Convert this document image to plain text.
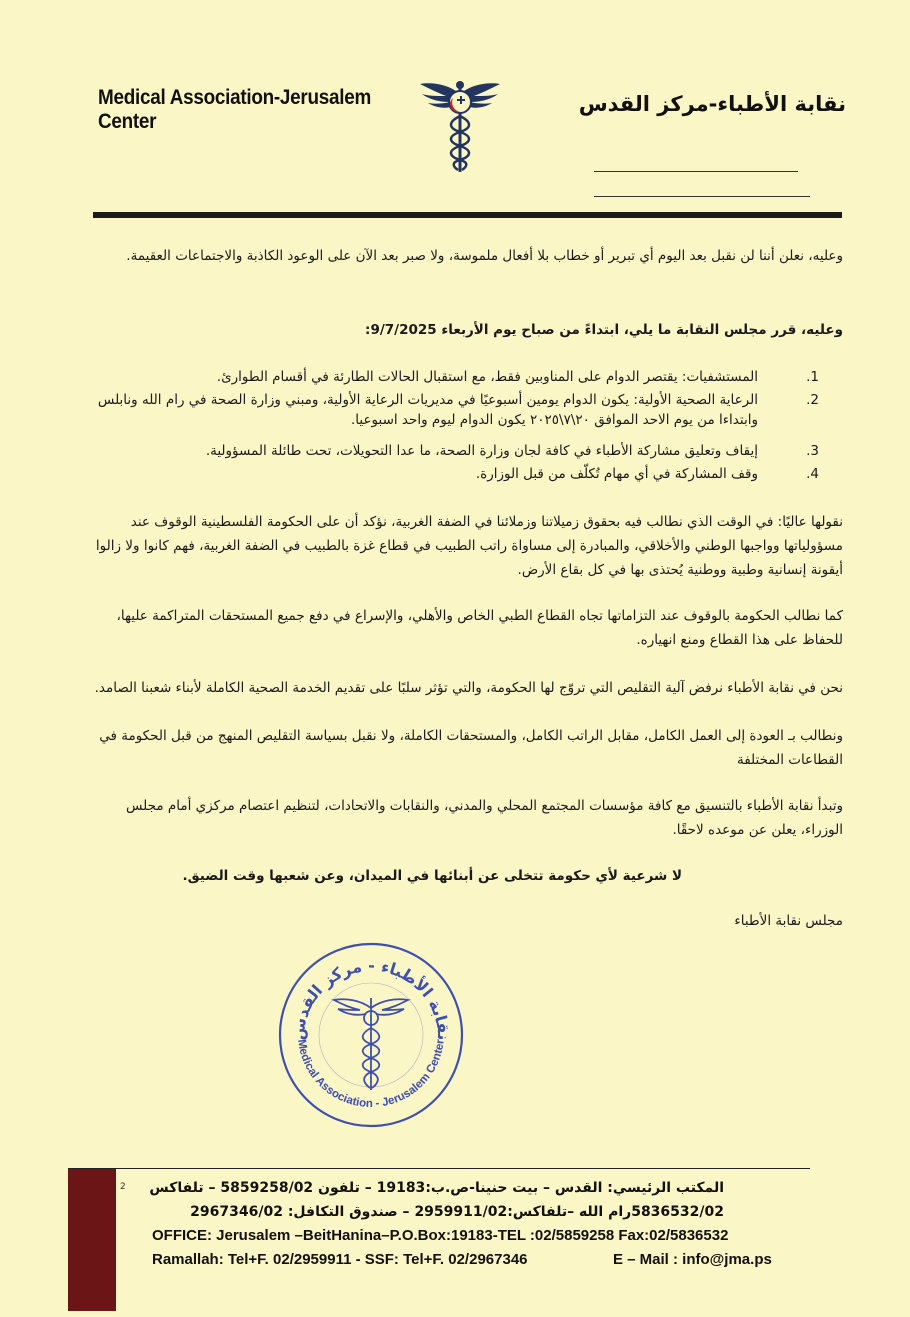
Medical Association-Jerusalem
Center
نقابة الأطباء-مركز القدس
وعليه، نعلن أننا لن نقبل بعد اليوم أي تبرير أو خطاب بلا أفعال ملموسة، ولا صبر بعد الآن على الوعود الكاذبة والاجتماعات العقيمة.
وعليه، قرر مجلس النقابة ما يلي، ابتداءً من صباح يوم الأربعاء 9/7/2025:
.1
المستشفيات: يقتصر الدوام على المناوبين فقط، مع استقبال الحالات الطارئة في أقسام الطوارئ.
.2
الرعاية الصحية الأولية: يكون الدوام يومين أسبوعيًا في مديريات الرعاية الأولية، ومبني وزارة الصحة في رام الله ونابلس وابتداءا من يوم الاحد الموافق ٢٠\٧\٢٠٢٥ يكون الدوام ليوم واحد اسبوعيا.
.3
إيقاف وتعليق مشاركة الأطباء في كافة لجان وزارة الصحة، ما عدا التحويلات، تحت طائلة المسؤولية.
.4
وقف المشاركة في أي مهام تُكلّف من قبل الوزارة.
نقولها عاليًا: في الوقت الذي نطالب فيه بحقوق زميلاتنا وزملائنا في الضفة الغربية، نؤكد أن على الحكومة الفلسطينية الوقوف عند مسؤولياتها وواجبها الوطني والأخلاقي، والمبادرة إلى مساواة راتب الطبيب في قطاع غزة بالطبيب في الضفة الغربية، فهم كانوا ولا زالوا أيقونة إنسانية وطبية ووطنية يُحتذى بها في كل بقاع الأرض.
كما نطالب الحكومة بالوقوف عند التزاماتها تجاه القطاع الطبي الخاص والأهلي، والإسراع في دفع جميع المستحقات المتراكمة عليها، للحفاظ على هذا القطاع ومنع انهياره.
نحن في نقابة الأطباء نرفض آلية التقليص التي تروّج لها الحكومة، والتي تؤثر سلبًا على تقديم الخدمة الصحية الكاملة لأبناء شعبنا الصامد.
ونطالب بـ العودة إلى العمل الكامل، مقابل الراتب الكامل، والمستحقات الكاملة، ولا نقبل بسياسة التقليص المنهج من قبل الحكومة في القطاعات المختلفة
وتبدأ نقابة الأطباء بالتنسيق مع كافة مؤسسات المجتمع المحلي والمدني، والنقابات والاتحادات، لتنظيم اعتصام مركزي أمام مجلس الوزراء، يعلن عن موعده لاحقًا.
لا شرعية لأي حكومة تتخلى عن أبنائها في الميدان، وعن شعبها وقت الضيق.
مجلس نقابة الأطباء
نقابة الأطباء - مركز القدس
Medical Association - Jerusalem Center
2 المكتب الرئيسي: القدس – بيت حنينا-ص.ب:19183 – تلفون 5859258/02 – تلفاكس
5836532/02رام الله –تلفاكس:2959911/02 – صندوق التكافل: 2967346/02
OFFICE: Jerusalem –BeitHanina–P.O.Box:19183-TEL :02/5859258 Fax:02/5836532
Ramallah: Tel+F. 02/2959911 - SSF: Tel+F. 02/2967346	E – Mail : info@jma.ps
